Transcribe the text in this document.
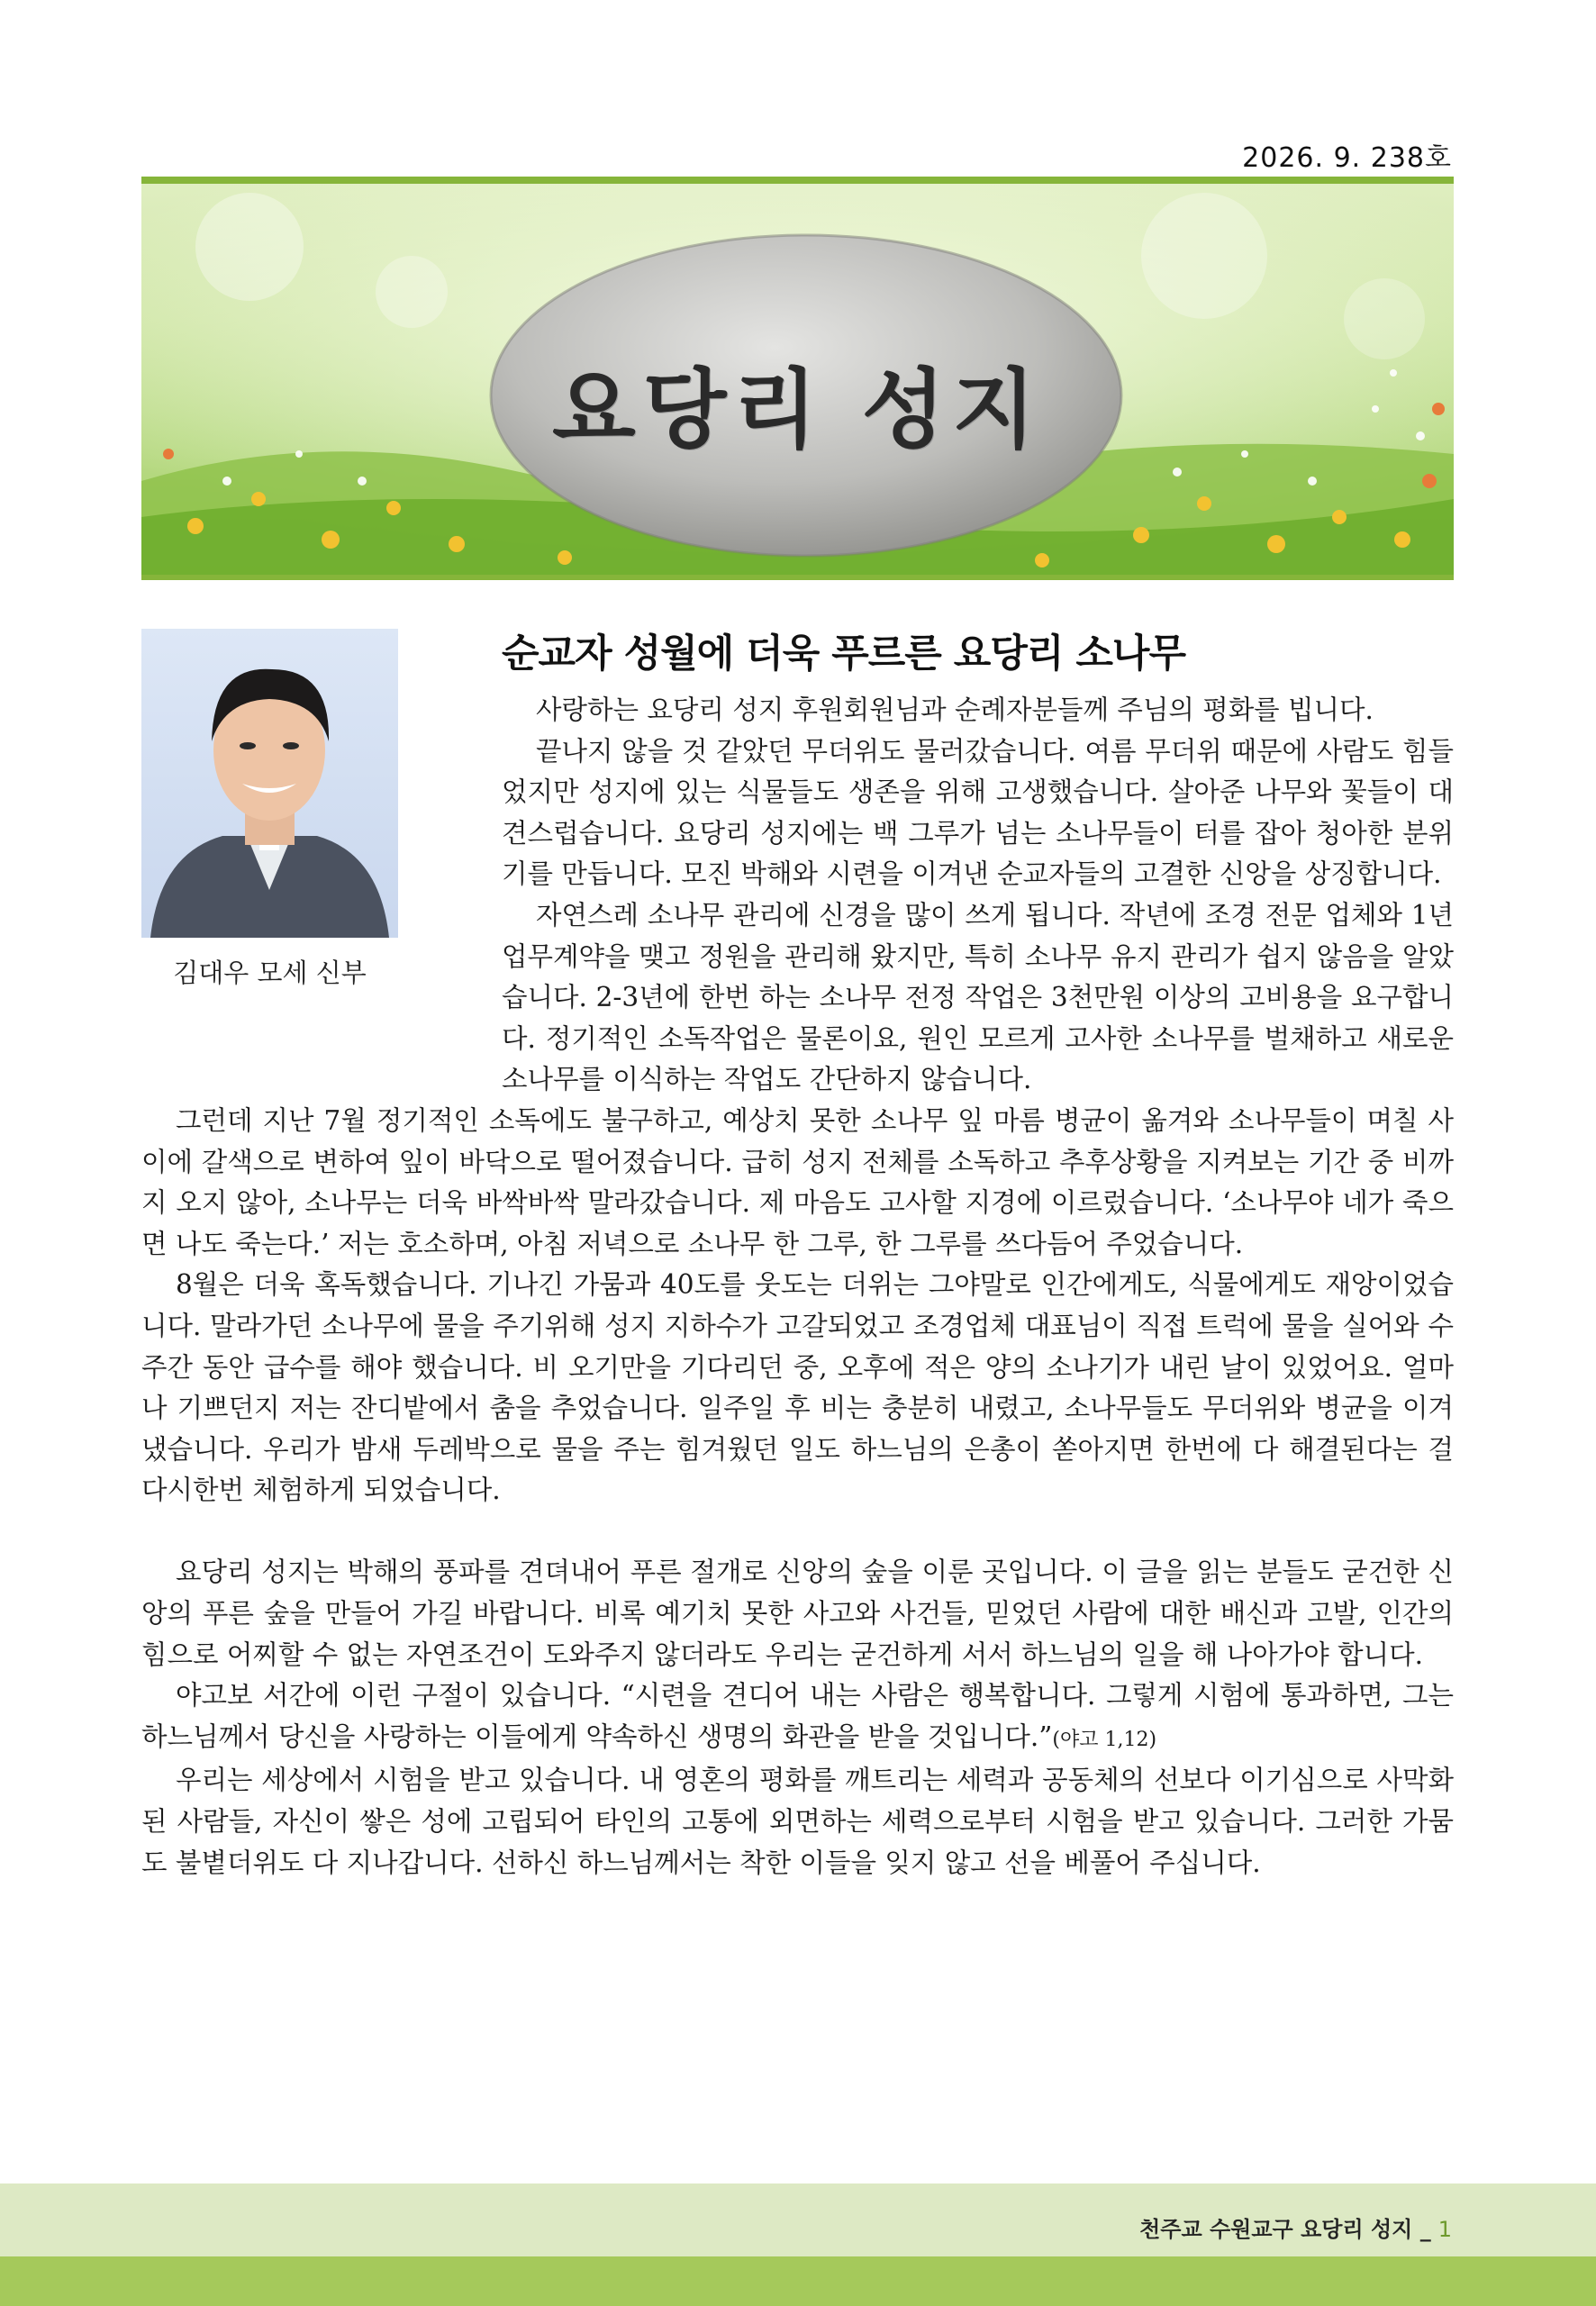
2026. 9. 238호
요당리 성지
김대우 모세 신부
순교자 성월에 더욱 푸르른 요당리 소나무

사랑하는 요당리 성지 후원회원님과 순례자분들께 주님의 평화를 빕니다.

끝나지 않을 것 같았던 무더위도 물러갔습니다. 여름 무더위 때문에 사람도 힘들었지만 성지에 있는 식물들도 생존을 위해 고생했습니다. 살아준 나무와 꽃들이 대견스럽습니다. 요당리 성지에는 백 그루가 넘는 소나무들이 터를 잡아 청아한 분위기를 만듭니다. 모진 박해와 시련을 이겨낸 순교자들의 고결한 신앙을 상징합니다.

자연스레 소나무 관리에 신경을 많이 쓰게 됩니다. 작년에 조경 전문 업체와 1년 업무계약을 맺고 정원을 관리해 왔지만, 특히 소나무 유지 관리가 쉽지 않음을 알았습니다. 2-3년에 한번 하는 소나무 전정 작업은 3천만원 이상의 고비용을 요구합니다. 정기적인 소독작업은 물론이요, 원인 모르게 고사한 소나무를 벌채하고 새로운 소나무를 이식하는 작업도 간단하지 않습니다.

그런데 지난 7월 정기적인 소독에도 불구하고, 예상치 못한 소나무 잎 마름 병균이 옮겨와 소나무들이 며칠 사이에 갈색으로 변하여 잎이 바닥으로 떨어졌습니다. 급히 성지 전체를 소독하고 추후상황을 지켜보는 기간 중 비까지 오지 않아, 소나무는 더욱 바싹바싹 말라갔습니다. 제 마음도 고사할 지경에 이르렀습니다. ‘소나무야 네가 죽으면 나도 죽는다.’ 저는 호소하며, 아침 저녁으로 소나무 한 그루, 한 그루를 쓰다듬어 주었습니다.

8월은 더욱 혹독했습니다. 기나긴 가뭄과 40도를 웃도는 더위는 그야말로 인간에게도, 식물에게도 재앙이었습니다. 말라가던 소나무에 물을 주기위해 성지 지하수가 고갈되었고 조경업체 대표님이 직접 트럭에 물을 실어와 수주간 동안 급수를 해야 했습니다. 비 오기만을 기다리던 중, 오후에 적은 양의 소나기가 내린 날이 있었어요. 얼마나 기쁘던지 저는 잔디밭에서 춤을 추었습니다. 일주일 후 비는 충분히 내렸고, 소나무들도 무더위와 병균을 이겨냈습니다. 우리가 밤새 두레박으로 물을 주는 힘겨웠던 일도 하느님의 은총이 쏟아지면 한번에 다 해결된다는 걸 다시한번 체험하게 되었습니다.

요당리 성지는 박해의 풍파를 견뎌내어 푸른 절개로 신앙의 숲을 이룬 곳입니다. 이 글을 읽는 분들도 굳건한 신앙의 푸른 숲을 만들어 가길 바랍니다. 비록 예기치 못한 사고와 사건들, 믿었던 사람에 대한 배신과 고발, 인간의 힘으로 어찌할 수 없는 자연조건이 도와주지 않더라도 우리는 굳건하게 서서 하느님의 일을 해 나아가야 합니다.

야고보 서간에 이런 구절이 있습니다. “시련을 견디어 내는 사람은 행복합니다. 그렇게 시험에 통과하면, 그는 하느님께서 당신을 사랑하는 이들에게 약속하신 생명의 화관을 받을 것입니다.”(야고 1,12)

우리는 세상에서 시험을 받고 있습니다. 내 영혼의 평화를 깨트리는 세력과 공동체의 선보다 이기심으로 사막화 된 사람들, 자신이 쌓은 성에 고립되어 타인의 고통에 외면하는 세력으로부터 시험을 받고 있습니다. 그러한 가뭄도 불볕더위도 다 지나갑니다. 선하신 하느님께서는 착한 이들을 잊지 않고 선을 베풀어 주십니다.

천주교 수원교구 요당리 성지 _ 1
